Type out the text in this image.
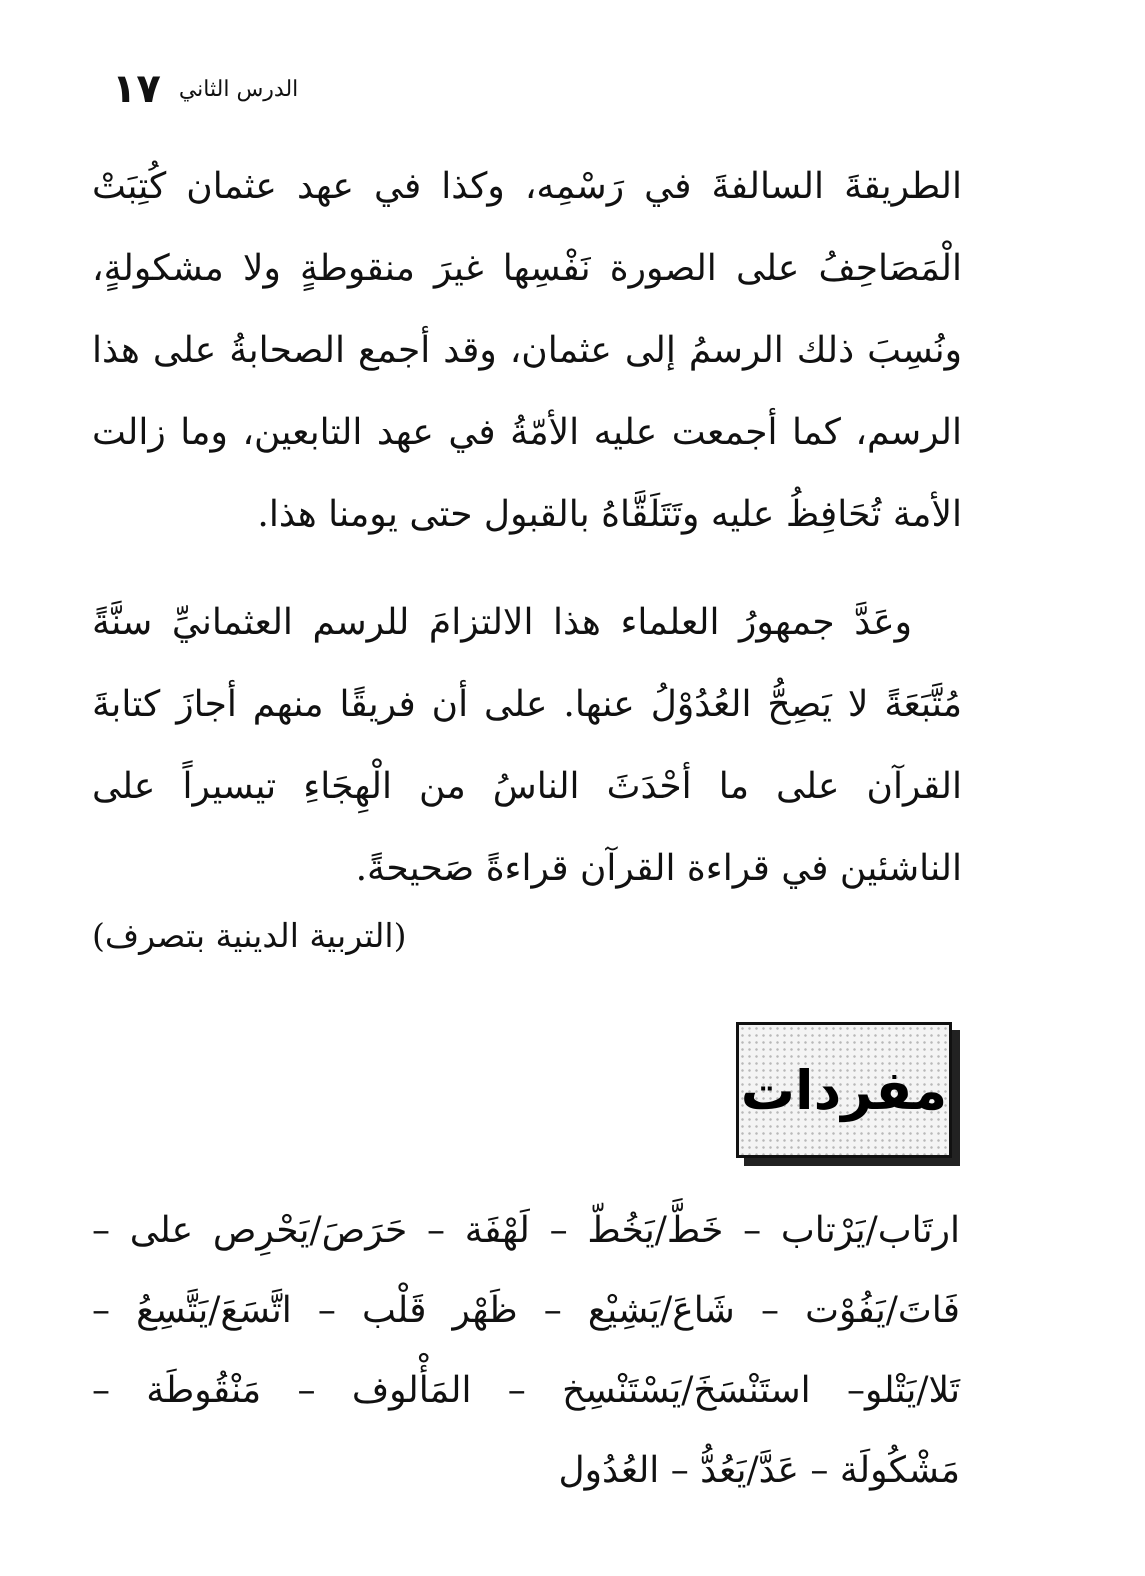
الدرس الثاني
١٧

الطريقةَ السالفةَ في رَسْمِه، وكذا في عهد عثمان كُتِبَتْ الْمَصَاحِفُ على الصورة نَفْسِها غيرَ منقوطةٍ ولا مشكولةٍ، ونُسِبَ ذلك الرسمُ إلى عثمان، وقد أجمع الصحابةُ على هذا الرسم، كما أجمعت عليه الأمّةُ في عهد التابعين، وما زالت الأمة تُحَافِظُ عليه وتَتَلَقَّاهُ بالقبول حتى يومنا هذا.

وعَدَّ جمهورُ العلماء هذا الالتزامَ للرسم العثمانيِّ سنَّةً مُتَّبَعَةً لا يَصِحُّ العُدُوْلُ عنها. على أن فريقًا منهم أجازَ كتابةَ القرآن على ما أحْدَثَ الناسُ من الْهِجَاءِ تيسيراً على الناشئين في قراءة القرآن قراءةً صَحيحةً.

(التربية الدينية بتصرف)
مفردات
ارتَاب/يَرْتاب – خَطَّ/يَخُطّ – لَهْفَة – حَرَصَ/يَحْرِص على –
فَاتَ/يَفُوْت – شَاعَ/يَشِيْع – ظَهْر قَلْب – اتَّسَعَ/يَتَّسِعُ –
تَلا/يَتْلو– استَنْسَخَ/يَسْتَنْسِخ – المَأْلوف – مَنْقُوطَة –
مَشْكُولَة – عَدَّ/يَعُدُّ – العُدُول
